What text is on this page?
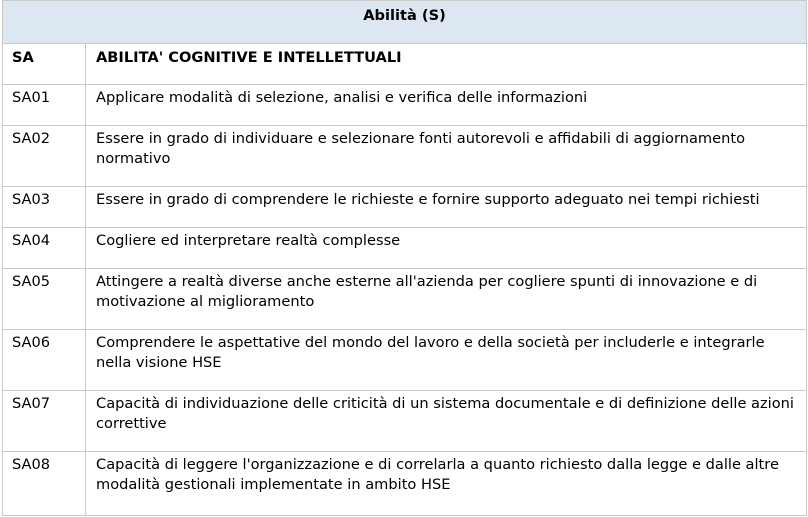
Abilità (S)	

SA	ABILITA' COGNITIVE E INTELLETTUALI

SA01	Applicare modalità di selezione, analisi e verifica delle informazioni

SA02	Essere in grado di individuare e selezionare fonti autorevoli e affidabili di aggiornamento normativo

SA03	Essere in grado di comprendere le richieste e fornire supporto adeguato nei tempi richiesti

SA04	Cogliere ed interpretare realtà complesse

SA05	Attingere a realtà diverse anche esterne all'azienda per cogliere spunti di innovazione e di motivazione al miglioramento

SA06	Comprendere le aspettative del mondo del lavoro e della società per includerle e integrarle nella visione HSE

SA07	Capacità di individuazione delle criticità di un sistema documentale e di definizione delle azioni correttive

SA08	Capacità di leggere l'organizzazione e di correlarla a quanto richiesto dalla legge e dalle altre modalità gestionali implementate in ambito HSE
